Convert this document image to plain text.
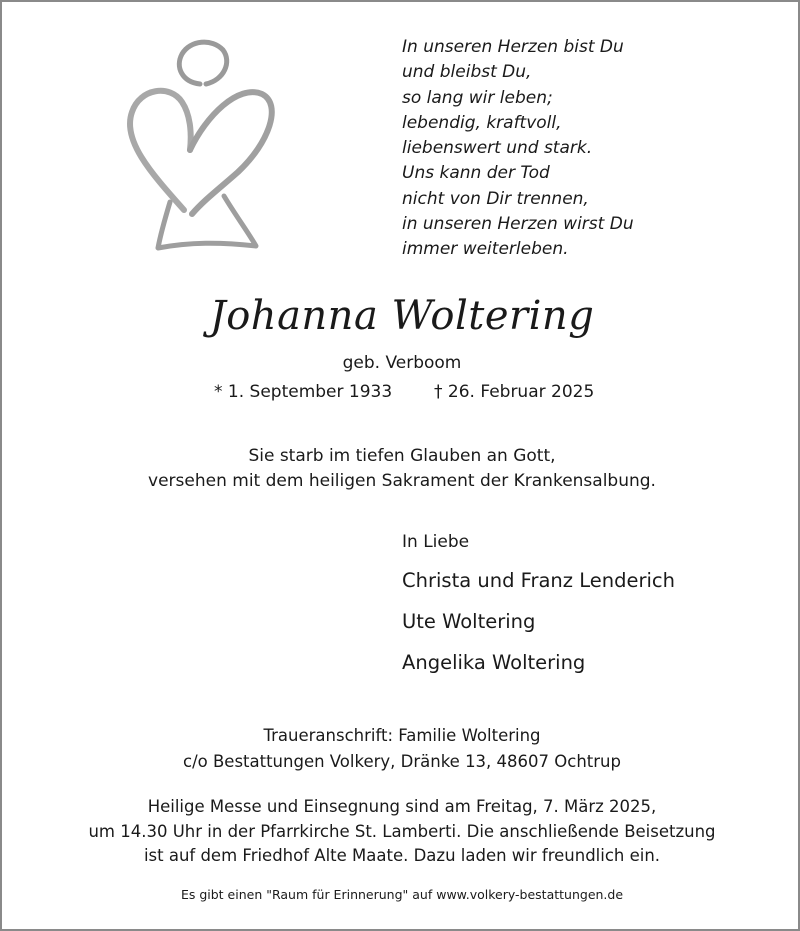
In unseren Herzen bist Du
und bleibst Du,
so lang wir leben;
lebendig, kraftvoll,
liebenswert und stark.
Uns kann der Tod
nicht von Dir trennen,
in unseren Herzen wirst Du
immer weiterleben.
Johanna Woltering
geb. Verboom
* 1. September 1933 † 26. Februar 2025
Sie starb im tiefen Glauben an Gott,
versehen mit dem heiligen Sakrament der Krankensalbung.
In Liebe
Christa und Franz Lenderich
Ute Woltering
Angelika Woltering
Traueranschrift: Familie Woltering
c/o Bestattungen Volkery, Dränke 13, 48607 Ochtrup
Heilige Messe und Einsegnung sind am Freitag, 7. März 2025,
um 14.30 Uhr in der Pfarrkirche St. Lamberti. Die anschließende Beisetzung
ist auf dem Friedhof Alte Maate. Dazu laden wir freundlich ein.
Es gibt einen "Raum für Erinnerung" auf www.volkery-bestattungen.de
